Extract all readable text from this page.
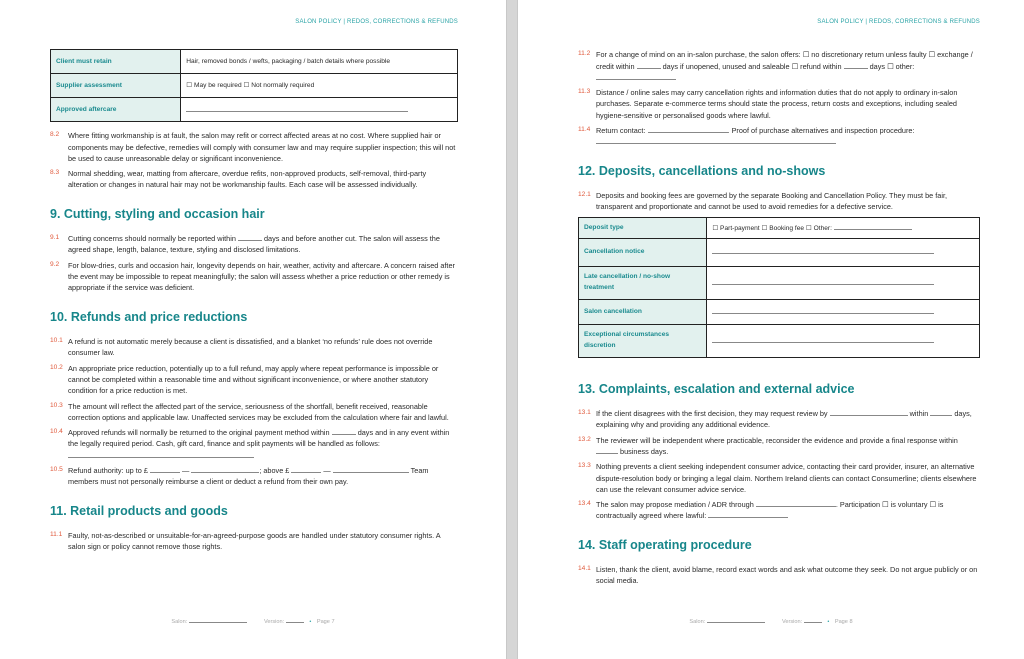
SALON POLICY | REDOS, CORRECTIONS & REFUNDS
Client must retain	Hair, removed bonds / wefts, packaging / batch details where possible
Supplier assessment	☐ May be required ☐ Not normally required
Approved aftercare	
8.2 Where fitting workmanship is at fault, the salon may refit or correct affected areas at no cost. Where supplied hair or components may be defective, remedies will comply with consumer law and may require supplier inspection; this will not be used to cause unreasonable delay or significant inconvenience.
8.3 Normal shedding, wear, matting from aftercare, overdue refits, non-approved products, self-removal, third-party alteration or changes in natural hair may not be workmanship faults. Each case will be assessed individually.
9. Cutting, styling and occasion hair
9.1 Cutting concerns should normally be reported within	days and before another cut. The salon will assess the agreed shape, length, balance, texture, styling and disclosed limitations.
9.2 For blow-dries, curls and occasion hair, longevity depends on hair, weather, activity and aftercare. A concern raised after the event may be impossible to repeat meaningfully; the salon will assess whether a price reduction or other remedy is appropriate if the service was deficient.
10. Refunds and price reductions
10.1 A refund is not automatic merely because a client is dissatisfied, and a blanket ‘no refunds’ rule does not override consumer law.
10.2 An appropriate price reduction, potentially up to a full refund, may apply where repeat performance is impossible or cannot be completed within a reasonable time and without significant inconvenience, or where another statutory condition for a price reduction is met.
10.3 The amount will reflect the affected part of the service, seriousness of the shortfall, benefit received, reasonable correction options and applicable law. Unaffected services may be excluded from the calculation where fair and lawful.
10.4 Approved refunds will normally be returned to the original payment method within	days and in any event within the legally required period. Cash, gift card, finance and split payments will be handled as follows:
10.5 Refund authority: up to £	—	; above £	—	Team members must not personally reimburse a client or deduct a refund from their own pay.
11. Retail products and goods
11.1 Faulty, not-as-described or unsuitable-for-an-agreed-purpose goods are handled under statutory consumer rights. A salon sign or policy cannot remove those rights.
Salon:	Version:	• Page 7
SALON POLICY | REDOS, CORRECTIONS & REFUNDS
11.2 For a change of mind on an in-salon purchase, the salon offers: ☐ no discretionary return unless faulty ☐ exchange / credit within	days if unopened, unused and saleable ☐ refund within	days ☐ other:
11.3 Distance / online sales may carry cancellation rights and information duties that do not apply to ordinary in-salon purchases. Separate e-commerce terms should state the process, return costs and exceptions, including sealed hygiene-sensitive or personalised goods where lawful.
11.4 Return contact:	. Proof of purchase alternatives and inspection procedure:
12. Deposits, cancellations and no-shows
12.1 Deposits and booking fees are governed by the separate Booking and Cancellation Policy. They must be fair, transparent and proportionate and cannot be used to avoid remedies for a defective service.
Deposit type	☐ Part-payment ☐ Booking fee ☐ Other:
Cancellation notice	
Late cancellation / no-show treatment	
Salon cancellation	
Exceptional circumstances discretion	
13. Complaints, escalation and external advice
13.1 If the client disagrees with the first decision, they may request review by	within	days, explaining why and providing any additional evidence.
13.2 The reviewer will be independent where practicable, reconsider the evidence and provide a final response within  business days.
13.3 Nothing prevents a client seeking independent consumer advice, contacting their card provider, insurer, an alternative dispute-resolution body or bringing a legal claim. Northern Ireland clients can contact Consumerline; clients elsewhere can use the relevant consumer advice service.
13.4 The salon may propose mediation / ADR through	. Participation ☐ is voluntary ☐ is contractually agreed where lawful:
14. Staff operating procedure
14.1 Listen, thank the client, avoid blame, record exact words and ask what outcome they seek. Do not argue publicly or on social media.
Salon:	Version:	• Page 8
